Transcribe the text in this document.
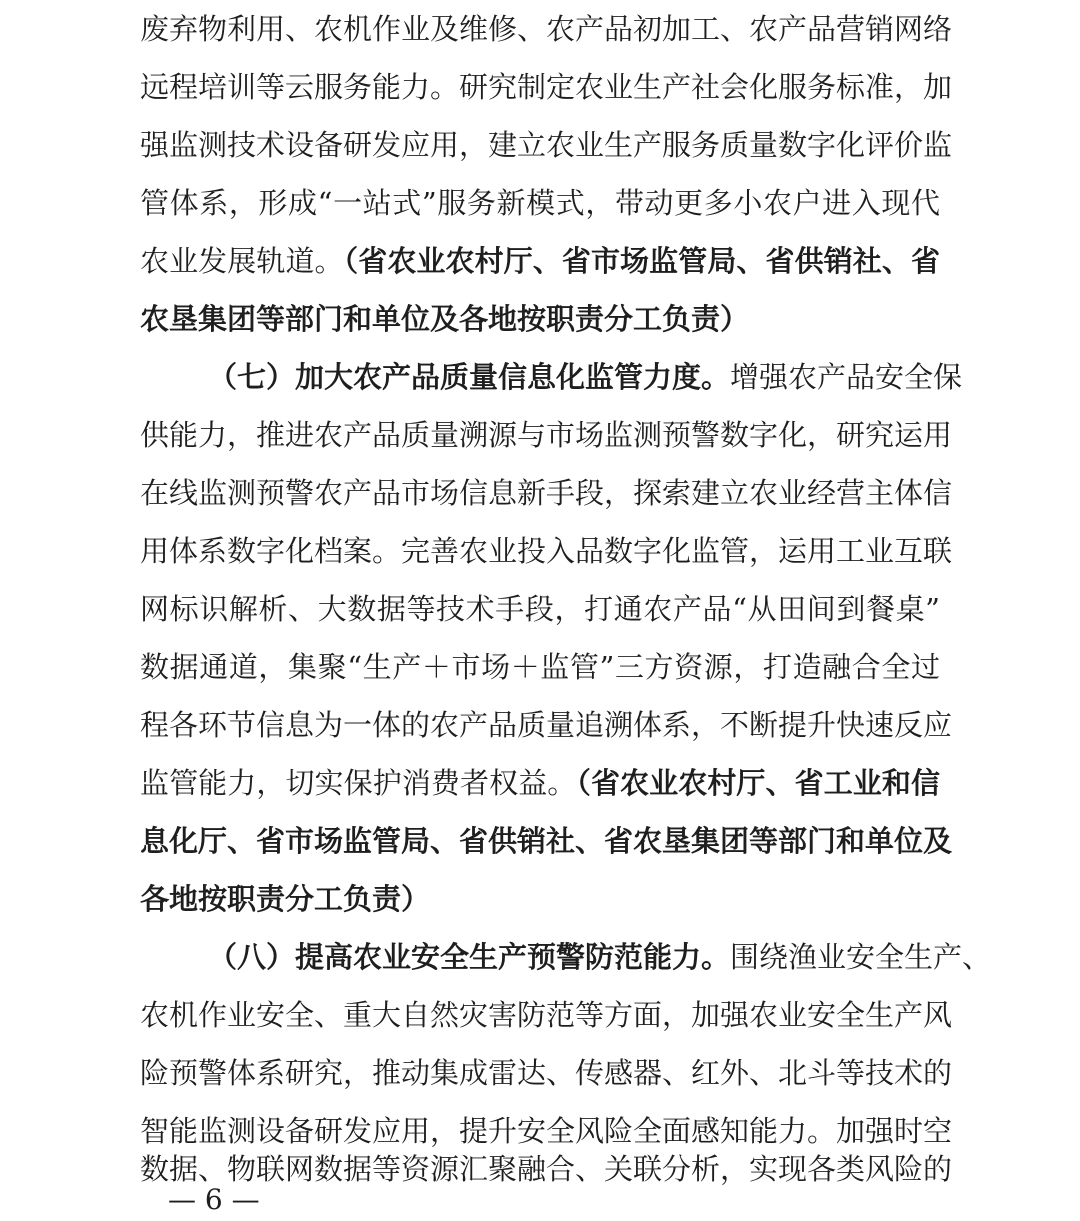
废弃物利用、农机作业及维修、农产品初加工、农产品营销网络
远程培训等云服务能力。研究制定农业生产社会化服务标准，加
强监测技术设备研发应用，建立农业生产服务质量数字化评价监
管体系，形成“一站式”服务新模式，带动更多小农户进入现代
农业发展轨道。（省农业农村厅、省市场监管局、省供销社、省
农垦集团等部门和单位及各地按职责分工负责）
（七）加大农产品质量信息化监管力度。增强农产品安全保
供能力，推进农产品质量溯源与市场监测预警数字化，研究运用
在线监测预警农产品市场信息新手段，探索建立农业经营主体信
用体系数字化档案。完善农业投入品数字化监管，运用工业互联
网标识解析、大数据等技术手段，打通农产品“从田间到餐桌”
数据通道，集聚“生产＋市场＋监管”三方资源，打造融合全过
程各环节信息为一体的农产品质量追溯体系，不断提升快速反应
监管能力，切实保护消费者权益。（省农业农村厅、省工业和信
息化厅、省市场监管局、省供销社、省农垦集团等部门和单位及
各地按职责分工负责）
（八）提高农业安全生产预警防范能力。围绕渔业安全生产、
农机作业安全、重大自然灾害防范等方面，加强农业安全生产风
险预警体系研究，推动集成雷达、传感器、红外、北斗等技术的
智能监测设备研发应用，提升安全风险全面感知能力。加强时空
数据、物联网数据等资源汇聚融合、关联分析，实现各类风险的
— 6 —
